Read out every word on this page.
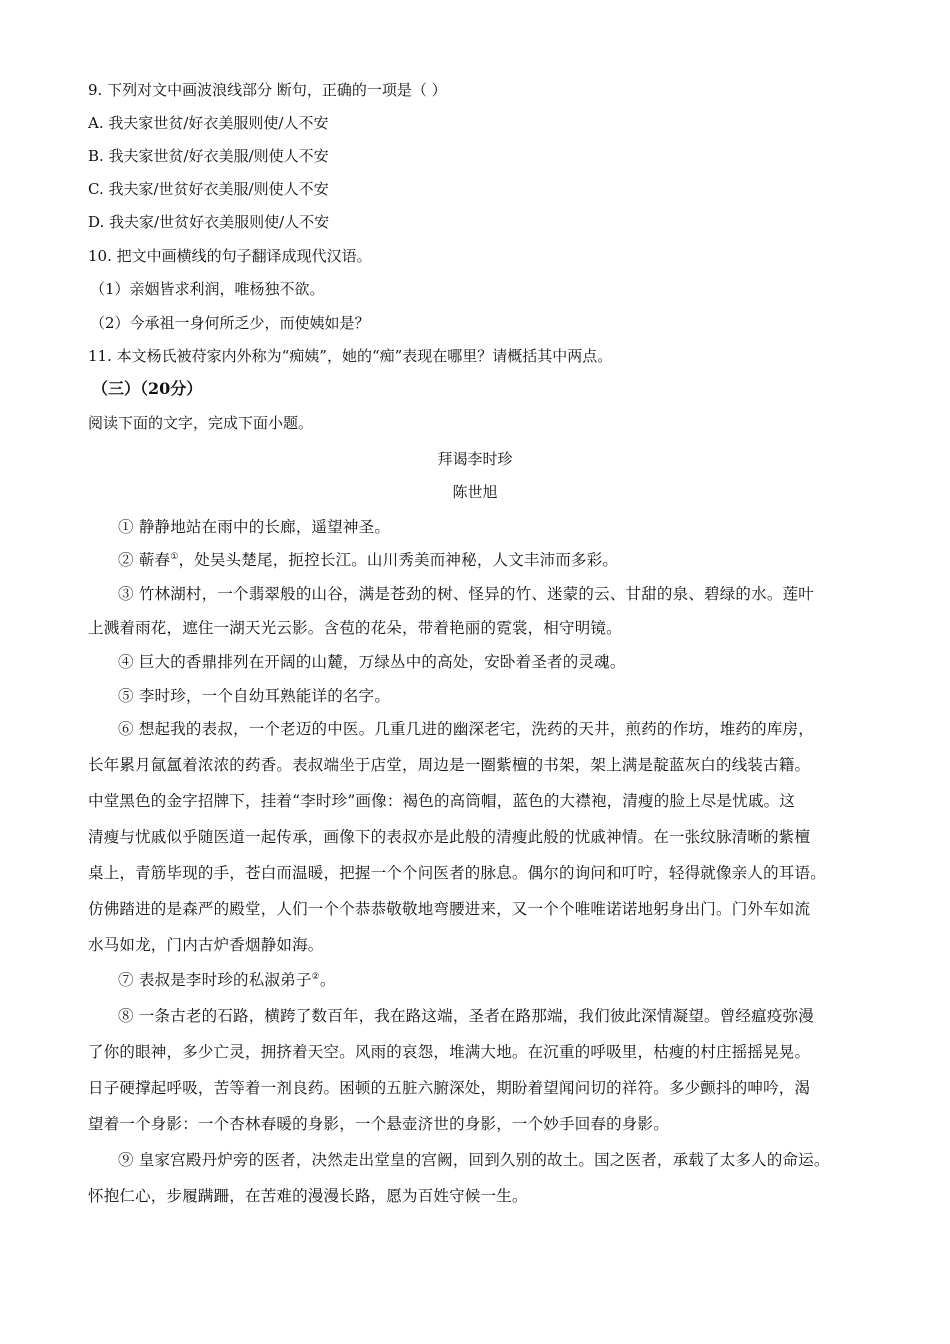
9. 下列对文中画波浪线部分 断句，正确的一项是（ ）
A. 我夫家世贫/好衣美服则使/人不安
B. 我夫家世贫/好衣美服/则使人不安
C. 我夫家/世贫好衣美服/则使人不安
D. 我夫家/世贫好衣美服则使/人不安
10. 把文中画横线的句子翻译成现代汉语。
（1）亲姻皆求利润，唯杨独不欲。
（2）今承祖一身何所乏少，而使姨如是？
11. 本文杨氏被苻家内外称为“痴姨”，她的“痴”表现在哪里？请概括其中两点。
（三）（20分）
阅读下面的文字，完成下面小题。
拜谒李时珍
陈世旭
① 静静地站在雨中的长廊，遥望神圣。
② 蕲春①，处吴头楚尾，扼控长江。山川秀美而神秘，人文丰沛而多彩。
③ 竹林湖村，一个翡翠般的山谷，满是苍劲的树、怪异的竹、迷蒙的云、甘甜的泉、碧绿的水。莲叶
上溅着雨花，遮住一湖天光云影。含苞的花朵，带着艳丽的霓裳，相守明镜。
④ 巨大的香鼎排列在开阔的山麓，万绿丛中的高处，安卧着圣者的灵魂。
⑤ 李时珍，一个自幼耳熟能详的名字。
⑥ 想起我的表叔，一个老迈的中医。几重几进的幽深老宅，洗药的天井，煎药的作坊，堆药的库房，
长年累月氤氲着浓浓的药香。表叔端坐于店堂，周边是一圈紫檀的书架，架上满是靛蓝灰白的线装古籍。
中堂黑色的金字招牌下，挂着“李时珍”画像：褐色的高筒帽，蓝色的大襟袍，清瘦的脸上尽是忧戚。这
清瘦与忧戚似乎随医道一起传承，画像下的表叔亦是此般的清瘦此般的忧戚神情。在一张纹脉清晰的紫檀
桌上，青筋毕现的手，苍白而温暖，把握一个个问医者的脉息。偶尔的询问和叮咛，轻得就像亲人的耳语。
仿佛踏进的是森严的殿堂，人们一个个恭恭敬敬地弯腰进来，又一个个唯唯诺诺地躬身出门。门外车如流
水马如龙，门内古炉香烟静如海。
⑦ 表叔是李时珍的私淑弟子②。
⑧ 一条古老的石路，横跨了数百年，我在路这端，圣者在路那端，我们彼此深情凝望。曾经瘟疫弥漫
了你的眼神，多少亡灵，拥挤着天空。风雨的哀怨，堆满大地。在沉重的呼吸里，枯瘦的村庄摇摇晃晃。
日子硬撑起呼吸，苦等着一剂良药。困顿的五脏六腑深处，期盼着望闻问切的祥符。多少颤抖的呻吟，渴
望着一个身影：一个杏林春暖的身影，一个悬壶济世的身影，一个妙手回春的身影。
⑨ 皇家宫殿丹炉旁的医者，决然走出堂皇的宫阙，回到久别的故土。国之医者，承载了太多人的命运。
怀抱仁心，步履蹒跚，在苦难的漫漫长路，愿为百姓守候一生。
